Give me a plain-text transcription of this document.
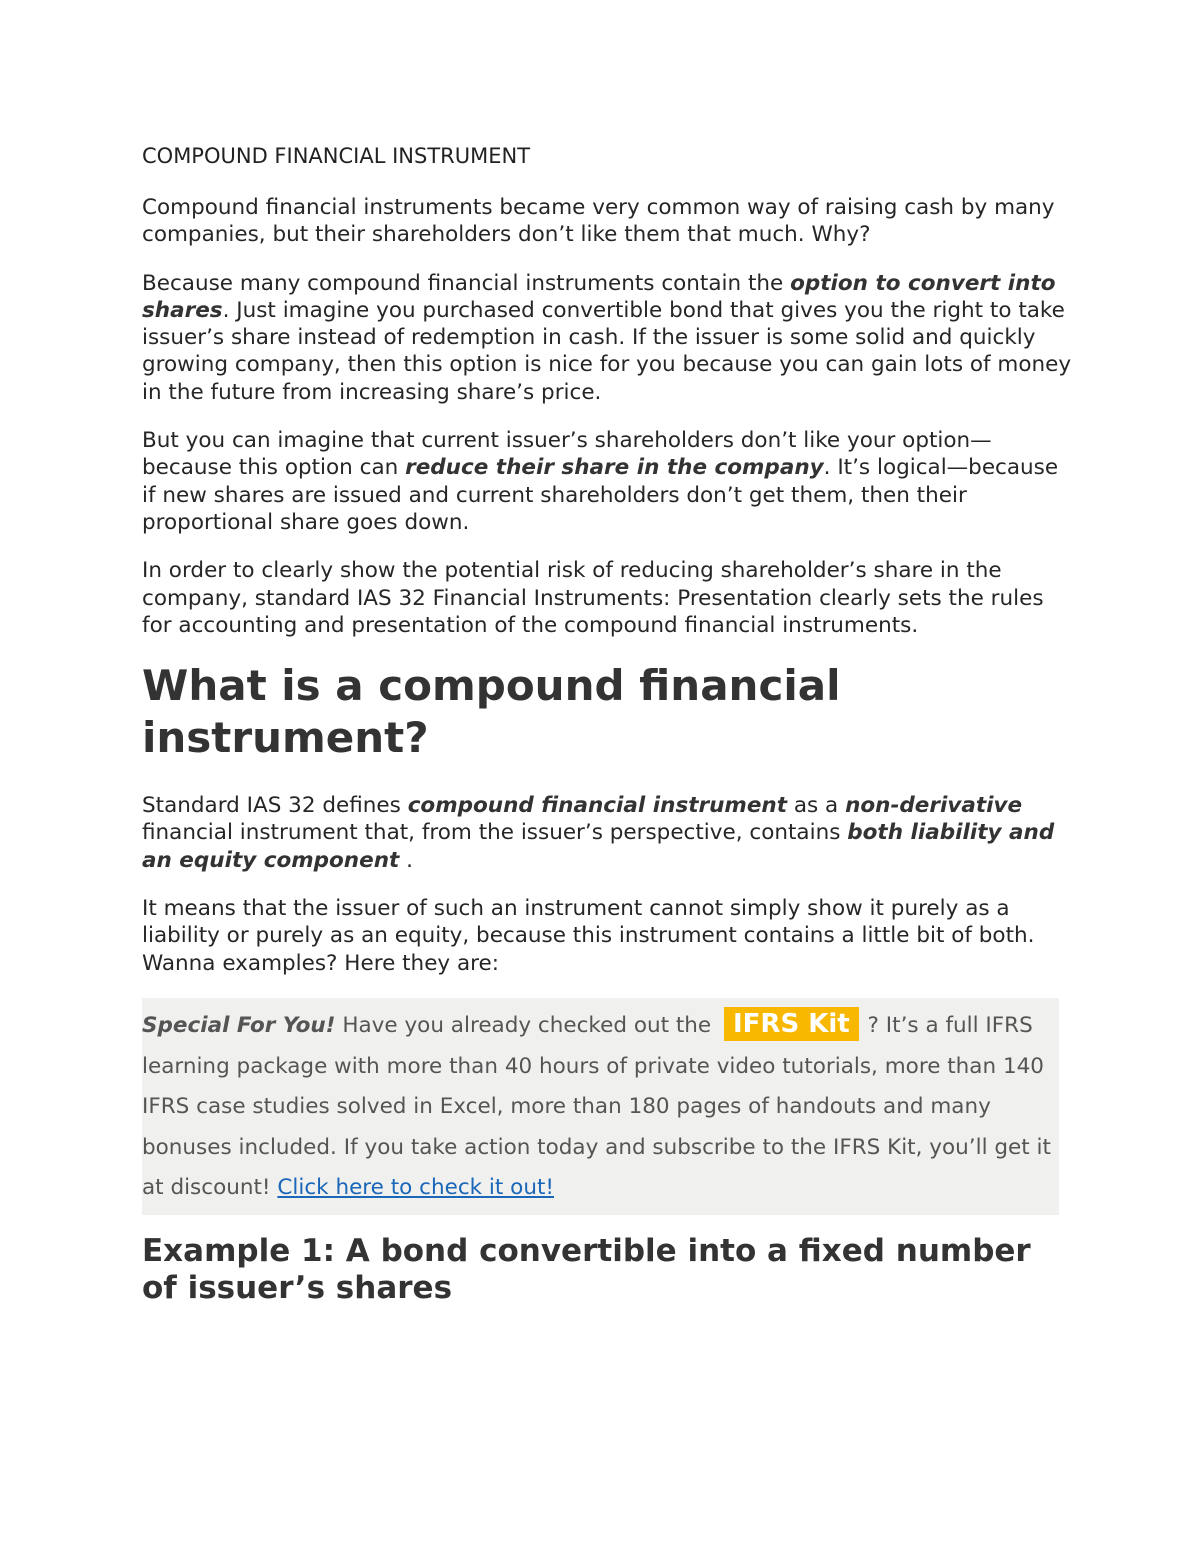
COMPOUND FINANCIAL INSTRUMENT

Compound financial instruments became very common way of raising cash by many companies, but their shareholders don’t like them that much. Why?

Because many compound financial instruments contain the option to convert into shares. Just imagine you purchased convertible bond that gives you the right to take issuer’s share instead of redemption in cash. If the issuer is some solid and quickly growing company, then this option is nice for you because you can gain lots of money in the future from increasing share’s price.

But you can imagine that current issuer’s shareholders don’t like your option—because this option can reduce their share in the company. It’s logical—because if new shares are issued and current shareholders don’t get them, then their proportional share goes down.

In order to clearly show the potential risk of reducing shareholder’s share in the company, standard IAS 32 Financial Instruments: Presentation clearly sets the rules for accounting and presentation of the compound financial instruments.

What is a compound financial instrument?

Standard IAS 32 defines compound financial instrument as a non-derivative financial instrument that, from the issuer’s perspective, contains both liability and an equity component .

It means that the issuer of such an instrument cannot simply show it purely as a liability or purely as an equity, because this instrument contains a little bit of both. Wanna examples? Here they are:

Special For You! Have you already checked out the IFRS Kit ? It’s a full IFRS learning package with more than 40 hours of private video tutorials, more than 140 IFRS case studies solved in Excel, more than 180 pages of handouts and many bonuses included. If you take action today and subscribe to the IFRS Kit, you’ll get it at discount! Click here to check it out!

Example 1: A bond convertible into a fixed number of issuer’s shares
